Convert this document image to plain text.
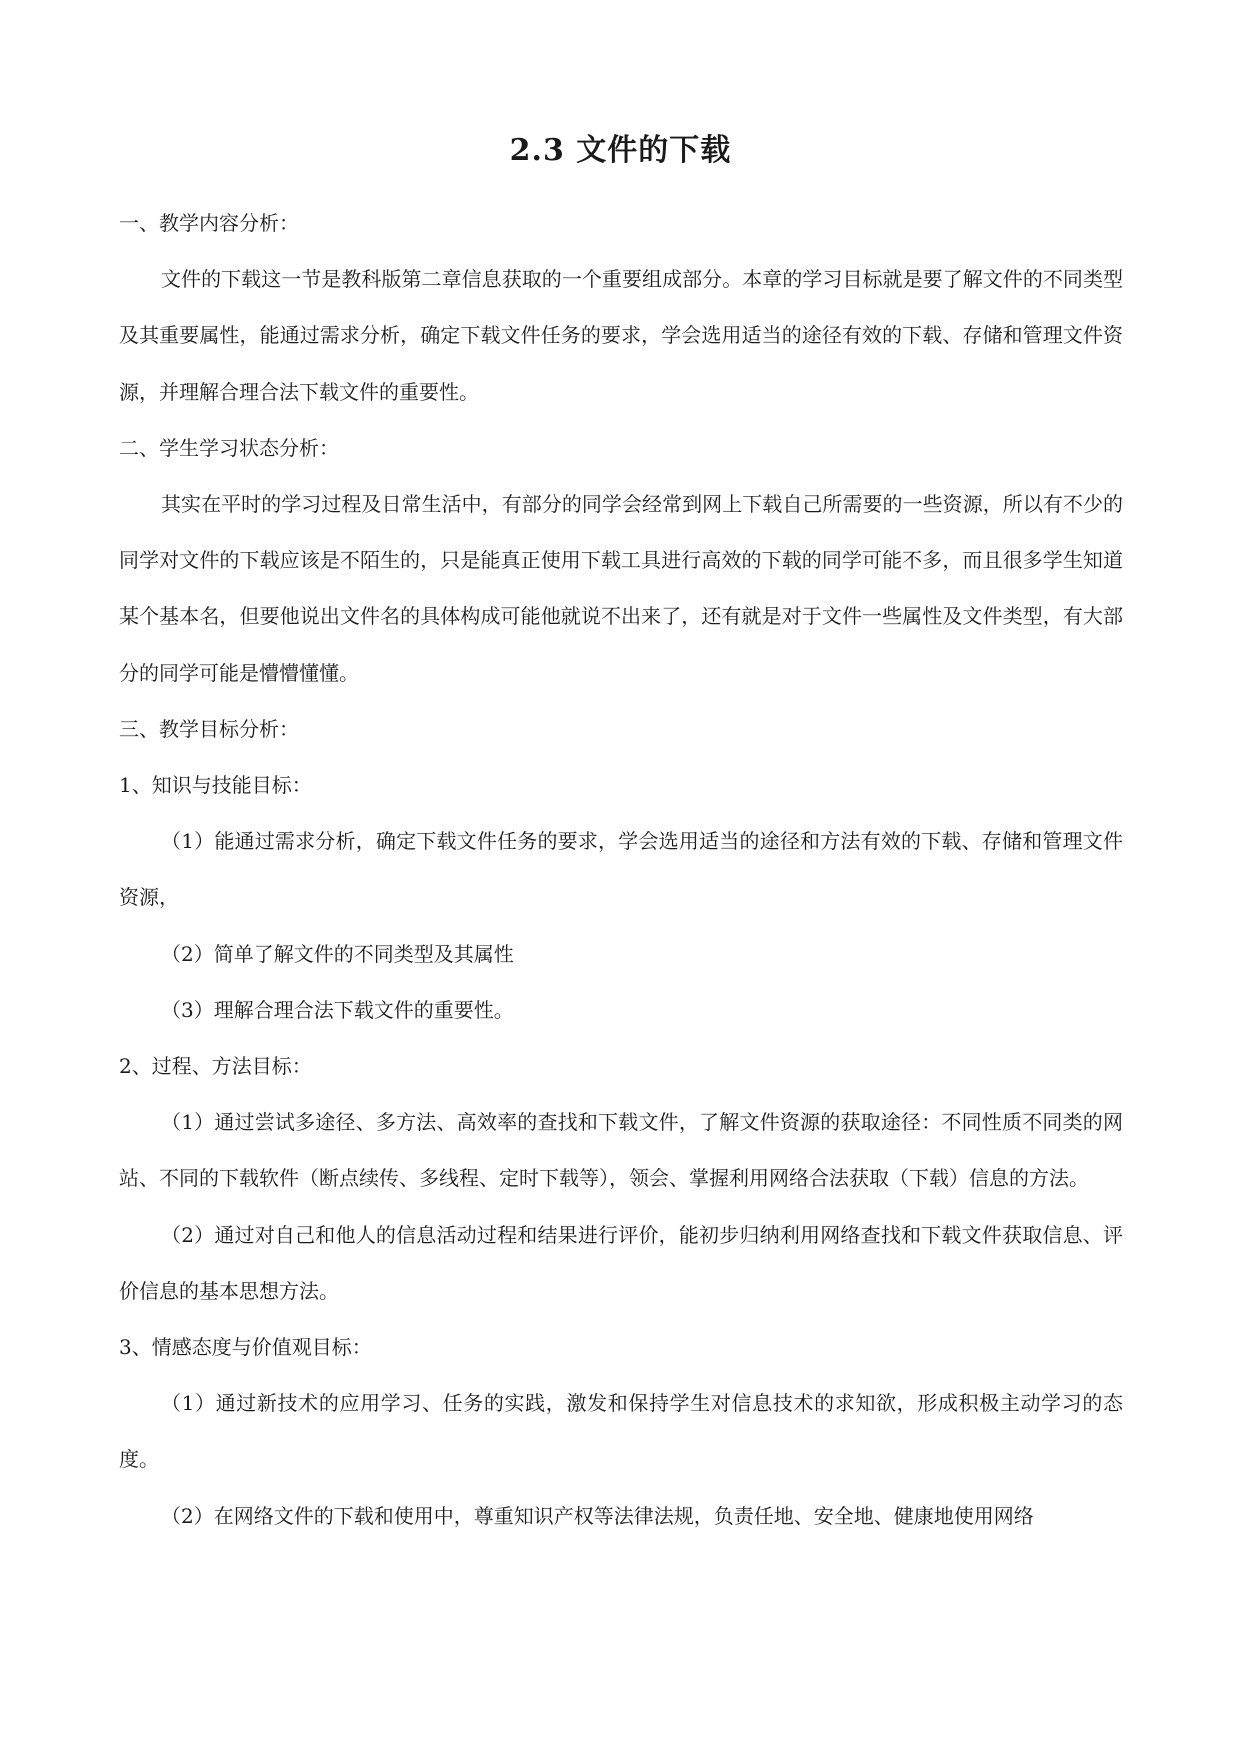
2.3 文件的下载

一、教学内容分析：

文件的下载这一节是教科版第二章信息获取的一个重要组成部分。本章的学习目标就是要了解文件的不同类型及其重要属性，能通过需求分析，确定下载文件任务的要求，学会选用适当的途径有效的下载、存储和管理文件资源，并理解合理合法下载文件的重要性。

二、学生学习状态分析：

其实在平时的学习过程及日常生活中，有部分的同学会经常到网上下载自己所需要的一些资源，所以有不少的同学对文件的下载应该是不陌生的，只是能真正使用下载工具进行高效的下载的同学可能不多，而且很多学生知道某个基本名，但要他说出文件名的具体构成可能他就说不出来了，还有就是对于文件一些属性及文件类型，有大部分的同学可能是懵懵懂懂。

三、教学目标分析：

1、知识与技能目标：

（1）能通过需求分析，确定下载文件任务的要求，学会选用适当的途径和方法有效的下载、存储和管理文件资源，

（2）简单了解文件的不同类型及其属性

（3）理解合理合法下载文件的重要性。

2、过程、方法目标：

（1）通过尝试多途径、多方法、高效率的查找和下载文件，了解文件资源的获取途径：不同性质不同类的网站、不同的下载软件（断点续传、多线程、定时下载等），领会、掌握利用网络合法获取（下载）信息的方法。

（2）通过对自己和他人的信息活动过程和结果进行评价，能初步归纳利用网络查找和下载文件获取信息、评价信息的基本思想方法。

3、情感态度与价值观目标：

（1）通过新技术的应用学习、任务的实践，激发和保持学生对信息技术的求知欲，形成积极主动学习的态度。

（2）在网络文件的下载和使用中，尊重知识产权等法律法规，负责任地、安全地、健康地使用网络
